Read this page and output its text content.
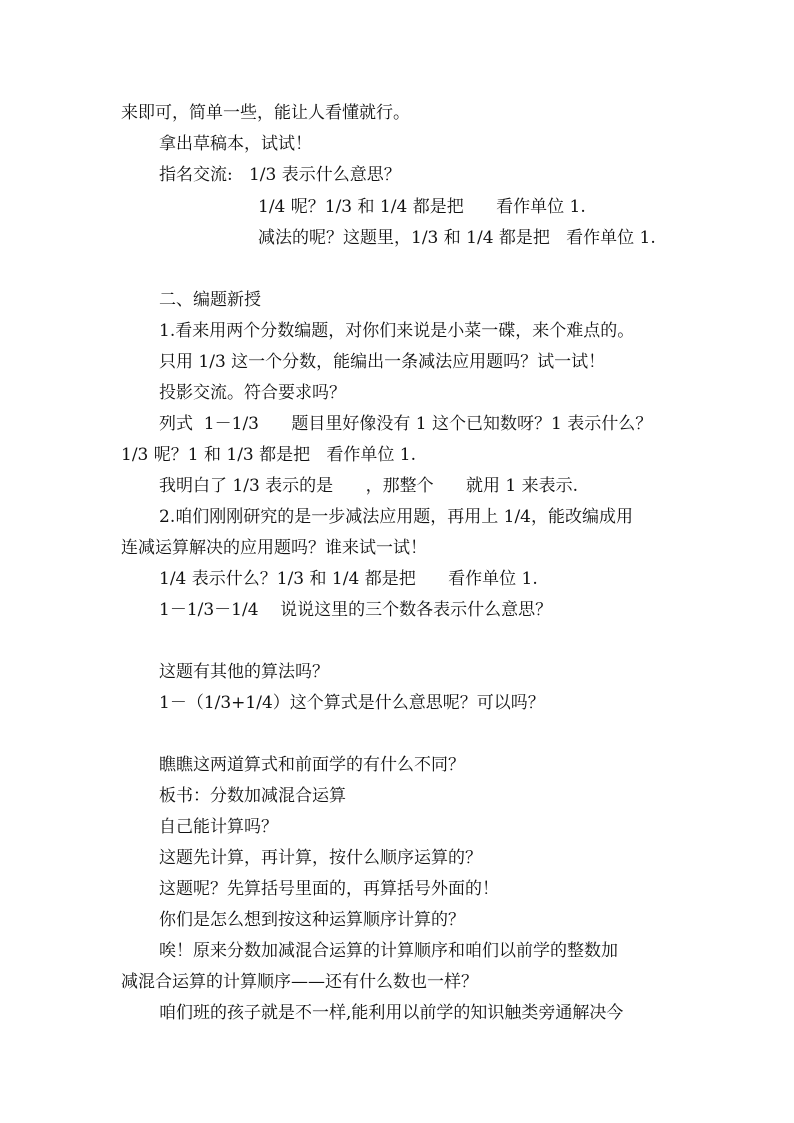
来即可，简单一些，能让人看懂就行。
拿出草稿本，试试！
指名交流:   1/3 表示什么意思？
1/4 呢？1/3 和 1/4 都是把      看作单位 1.
减法的呢？这题里，1/3 和 1/4 都是把   看作单位 1.
二、编题新授
1.看来用两个分数编题，对你们来说是小菜一碟，来个难点的。
只用 1/3 这一个分数，能编出一条减法应用题吗？试一试！
投影交流。符合要求吗？
列式  1－1/3      题目里好像没有 1 这个已知数呀？1 表示什么？
1/3 呢？1 和 1/3 都是把   看作单位 1.
我明白了 1/3 表示的是      ，那整个      就用 1 来表示.
2.咱们刚刚研究的是一步减法应用题，再用上 1/4，能改编成用
连减运算解决的应用题吗？谁来试一试！
1/4 表示什么？1/3 和 1/4 都是把      看作单位 1.
1－1/3－1/4    说说这里的三个数各表示什么意思？
这题有其他的算法吗？
1－（1/3+1/4）这个算式是什么意思呢？可以吗？
瞧瞧这两道算式和前面学的有什么不同？
板书：分数加减混合运算
自己能计算吗？
这题先计算，再计算，按什么顺序运算的？
这题呢？先算括号里面的，再算括号外面的！
你们是怎么想到按这种运算顺序计算的？
唉！原来分数加减混合运算的计算顺序和咱们以前学的整数加
减混合运算的计算顺序——还有什么数也一样？
咱们班的孩子就是不一样,能利用以前学的知识触类旁通解决今
